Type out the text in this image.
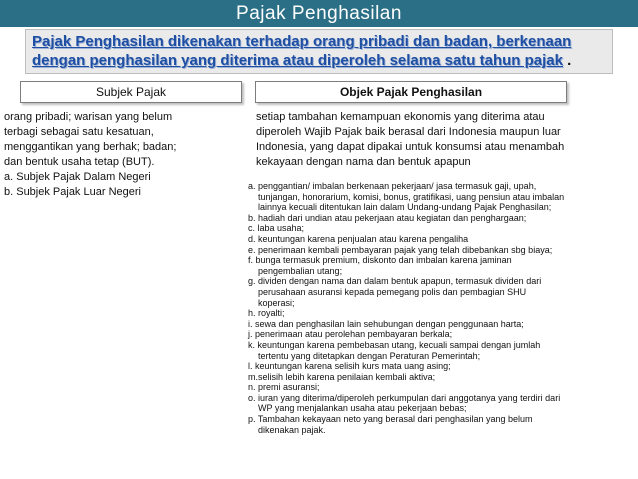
Pajak Penghasilan
Pajak Penghasilan dikenakan terhadap orang pribadi dan badan, berkenaan
dengan penghasilan yang diterima atau diperoleh selama satu tahun pajak .
Subjek Pajak	Objek Pajak Penghasilan

orang pribadi; warisan yang belum

terbagi sebagai satu kesatuan,

menggantikan yang berhak; badan;

dan bentuk usaha tetap (BUT).

a. Subjek Pajak Dalam Negeri
b. Subjek Pajak Luar Negeri
setiap tambahan kemampuan ekonomis yang diterima atau
diperoleh Wajib Pajak baik berasal dari Indonesia maupun luar
Indonesia, yang dapat dipakai untuk konsumsi atau menambah
kekayaan dengan nama dan bentuk apapun
a. penggantian/ imbalan berkenaan pekerjaan/ jasa termasuk gaji, upah,
tunjangan, honorarium, komisi, bonus, gratifikasi, uang pensiun atau imbalan
lainnya kecuali ditentukan lain dalam Undang-undang Pajak Penghasilan;
b. hadiah dari undian atau pekerjaan atau kegiatan dan penghargaan;
c. laba usaha;
d. keuntungan karena penjualan atau karena pengaliha
e. penerimaan kembali pembayaran pajak yang telah dibebankan sbg biaya;
f. bunga termasuk premium, diskonto dan imbalan karena jaminan
pengembalian utang;
g. dividen dengan nama dan dalam bentuk apapun, termasuk dividen dari
perusahaan asuransi kepada pemegang polis dan pembagian SHU
koperasi;
h. royalti;
i. sewa dan penghasilan lain sehubungan dengan penggunaan harta;
j. penerimaan atau perolehan pembayaran berkala;
k. keuntungan karena pembebasan utang, kecuali sampai dengan jumlah
tertentu yang ditetapkan dengan Peraturan Pemerintah;
l. keuntungan karena selisih kurs mata uang asing;
m.selisih lebih karena penilaian kembali aktiva;
n. premi asuransi;
o. iuran yang diterima/diperoleh perkumpulan dari anggotanya yang terdiri dari
WP yang menjalankan usaha atau pekerjaan bebas;
p. Tambahan kekayaan neto yang berasal dari penghasilan yang belum
dikenakan pajak.
